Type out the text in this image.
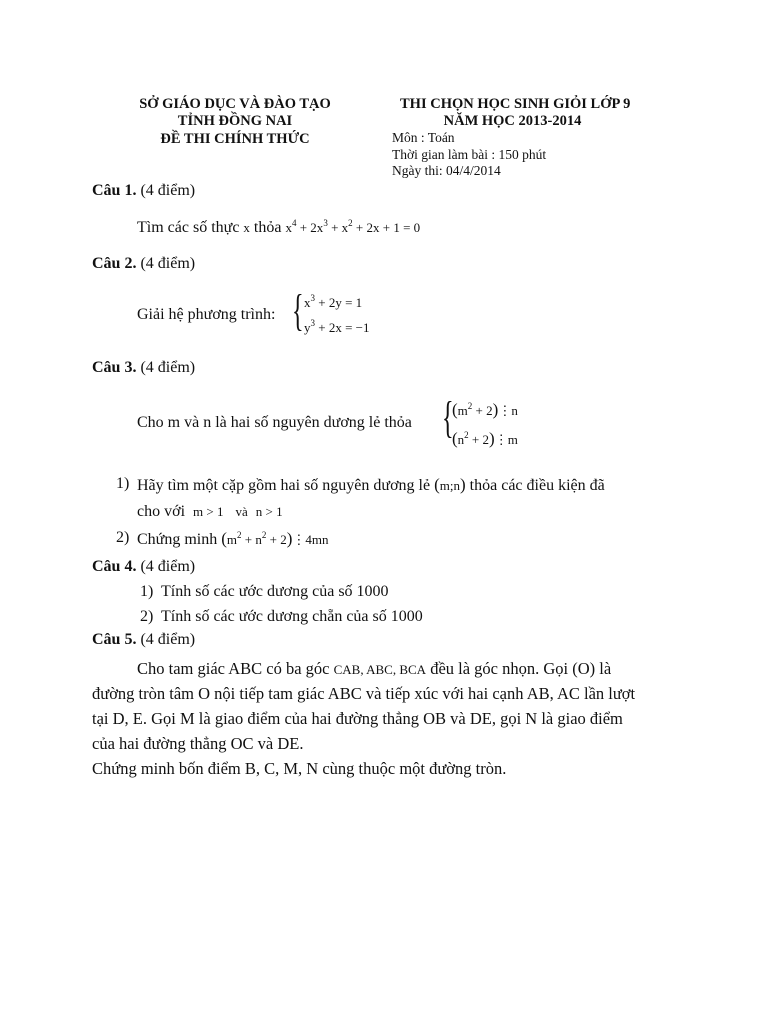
SỞ GIÁO DỤC VÀ ĐÀO TẠO
TỈNH ĐỒNG NAI
ĐỀ THI CHÍNH THỨC
THI CHỌN HỌC SINH GIỎI LỚP 9
NĂM HỌC 2013-2014
Môn : Toán
Thời gian làm bài : 150 phút
Ngày thi: 04/4/2014
Câu 1. (4 điểm)
Tìm các số thực x thỏa $x^4 + 2x^3 + x^2 + 2x + 1 = 0$
Câu 2. (4 điểm)
Giải hệ phương trình: { $x^3 + 2y = 1$
$y^3 + 2x = -1$
Câu 3. (4 điểm)
Cho m và n là hai số nguyên dương lẻ thỏa {
($m^2$ + 2)⋮n
($n^2$ + 2)⋮m
1) Hãy tìm một cặp gồm hai số nguyên dương lẻ (m;n) thỏa các điều kiện đã
cho với m > 1 và n > 1
2) Chứng minh ($m^2 + n^2$ + 2)⋮4mn
Câu 4. (4 điểm)
1) Tính số các ước dương của số 1000
2) Tính số các ước dương chẵn của số 1000
Câu 5. (4 điểm)
Cho tam giác ABC có ba góc CAB, ABC, BCA đều là góc nhọn. Gọi (O) là
đường tròn tâm O nội tiếp tam giác ABC và tiếp xúc với hai cạnh AB, AC lần lượt
tại D, E. Gọi M là giao điểm của hai đường thẳng OB và DE, gọi N là giao điểm
của hai đường thẳng OC và DE.
Chứng minh bốn điểm B, C, M, N cùng thuộc một đường tròn.
